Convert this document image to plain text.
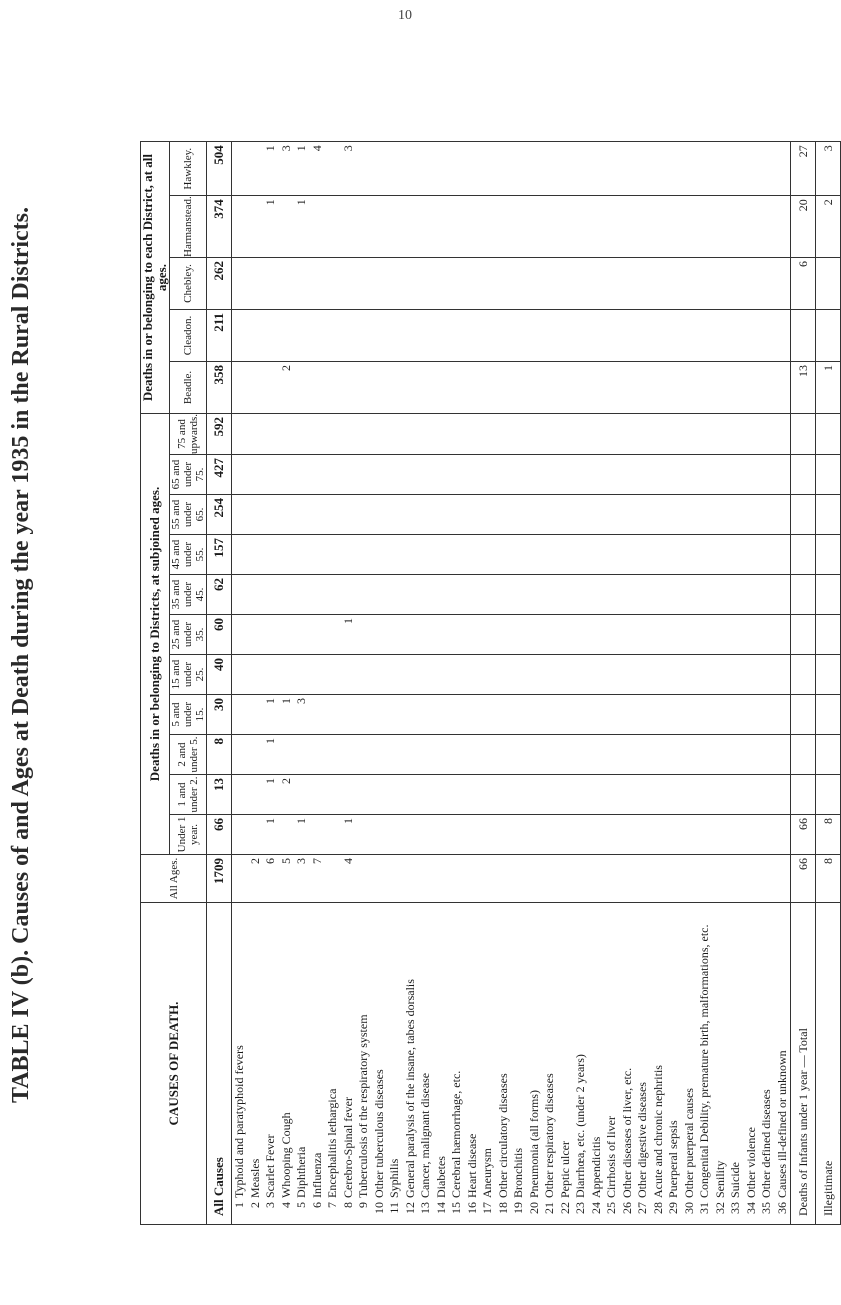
10
TABLE IV (b). Causes of and Ages at Death during the year 1935 in the Rural Districts.	CAUSES OF DEATH.	All Ages.	Deaths in or belonging to Districts, at subjoined ages.											Deaths in or belonging to each District, at all ages.				
		Under 1 year.	1 and under 2.	2 and under 5.	5 and under 15.	15 and under 25.	25 and under 35.	35 and under 45.	45 and under 55.	55 and under 65.	65 and under 75.	75 and upwards.	Beadle.	Cleadon.	Chebley.	Harmanstead.	Hawkley.
All Causes	1709	66	13	8	30	40	60	62	157	254	427	592	358	211	262	374	504
1Typhoid and paratyphoid fevers																	
2Measles	2																
3Scarlet Fever	6	1	1	1	1											1	1
4Whooping Cough	5		2		1								2				3
5Diphtheria	3	1			3											1	1
6Influenza	7																4
7Encephalitis lethargica																	
8Cerebro-Spinal fever	4	1					1										3
9Tuberculosis of the respiratory system																	
10Other tuberculous diseases																	
11Syphilis																	
12General paralysis of the insane, tabes dorsalis																	
13Cancer, malignant disease																	
14Diabetes																	
15Cerebral hæmorrhage, etc.																	
16Heart disease																	
17Aneurysm																	
18Other circulatory diseases																	
19Bronchitis																	
20Pneumonia (all forms)																	
21Other respiratory diseases																	
22Peptic ulcer																	
23Diarrhœa, etc. (under 2 years)																	
24Appendicitis																	
25Cirrhosis of liver																	
26Other diseases of liver, etc.																	
27Other digestive diseases																	
28Acute and chronic nephritis																	
29Puerperal sepsis																	
30Other puerperal causes																	
31Congenital Debility, premature birth, malformations, etc.																	
32Senility																	
33Suicide																	
34Other violence																	
35Other defined diseases																	
36Causes ill-defined or unknown																	
Deaths of Infants under 1 year — Total	66	66											13		6	20	27
Illegitimate	8	8											1			2	3
